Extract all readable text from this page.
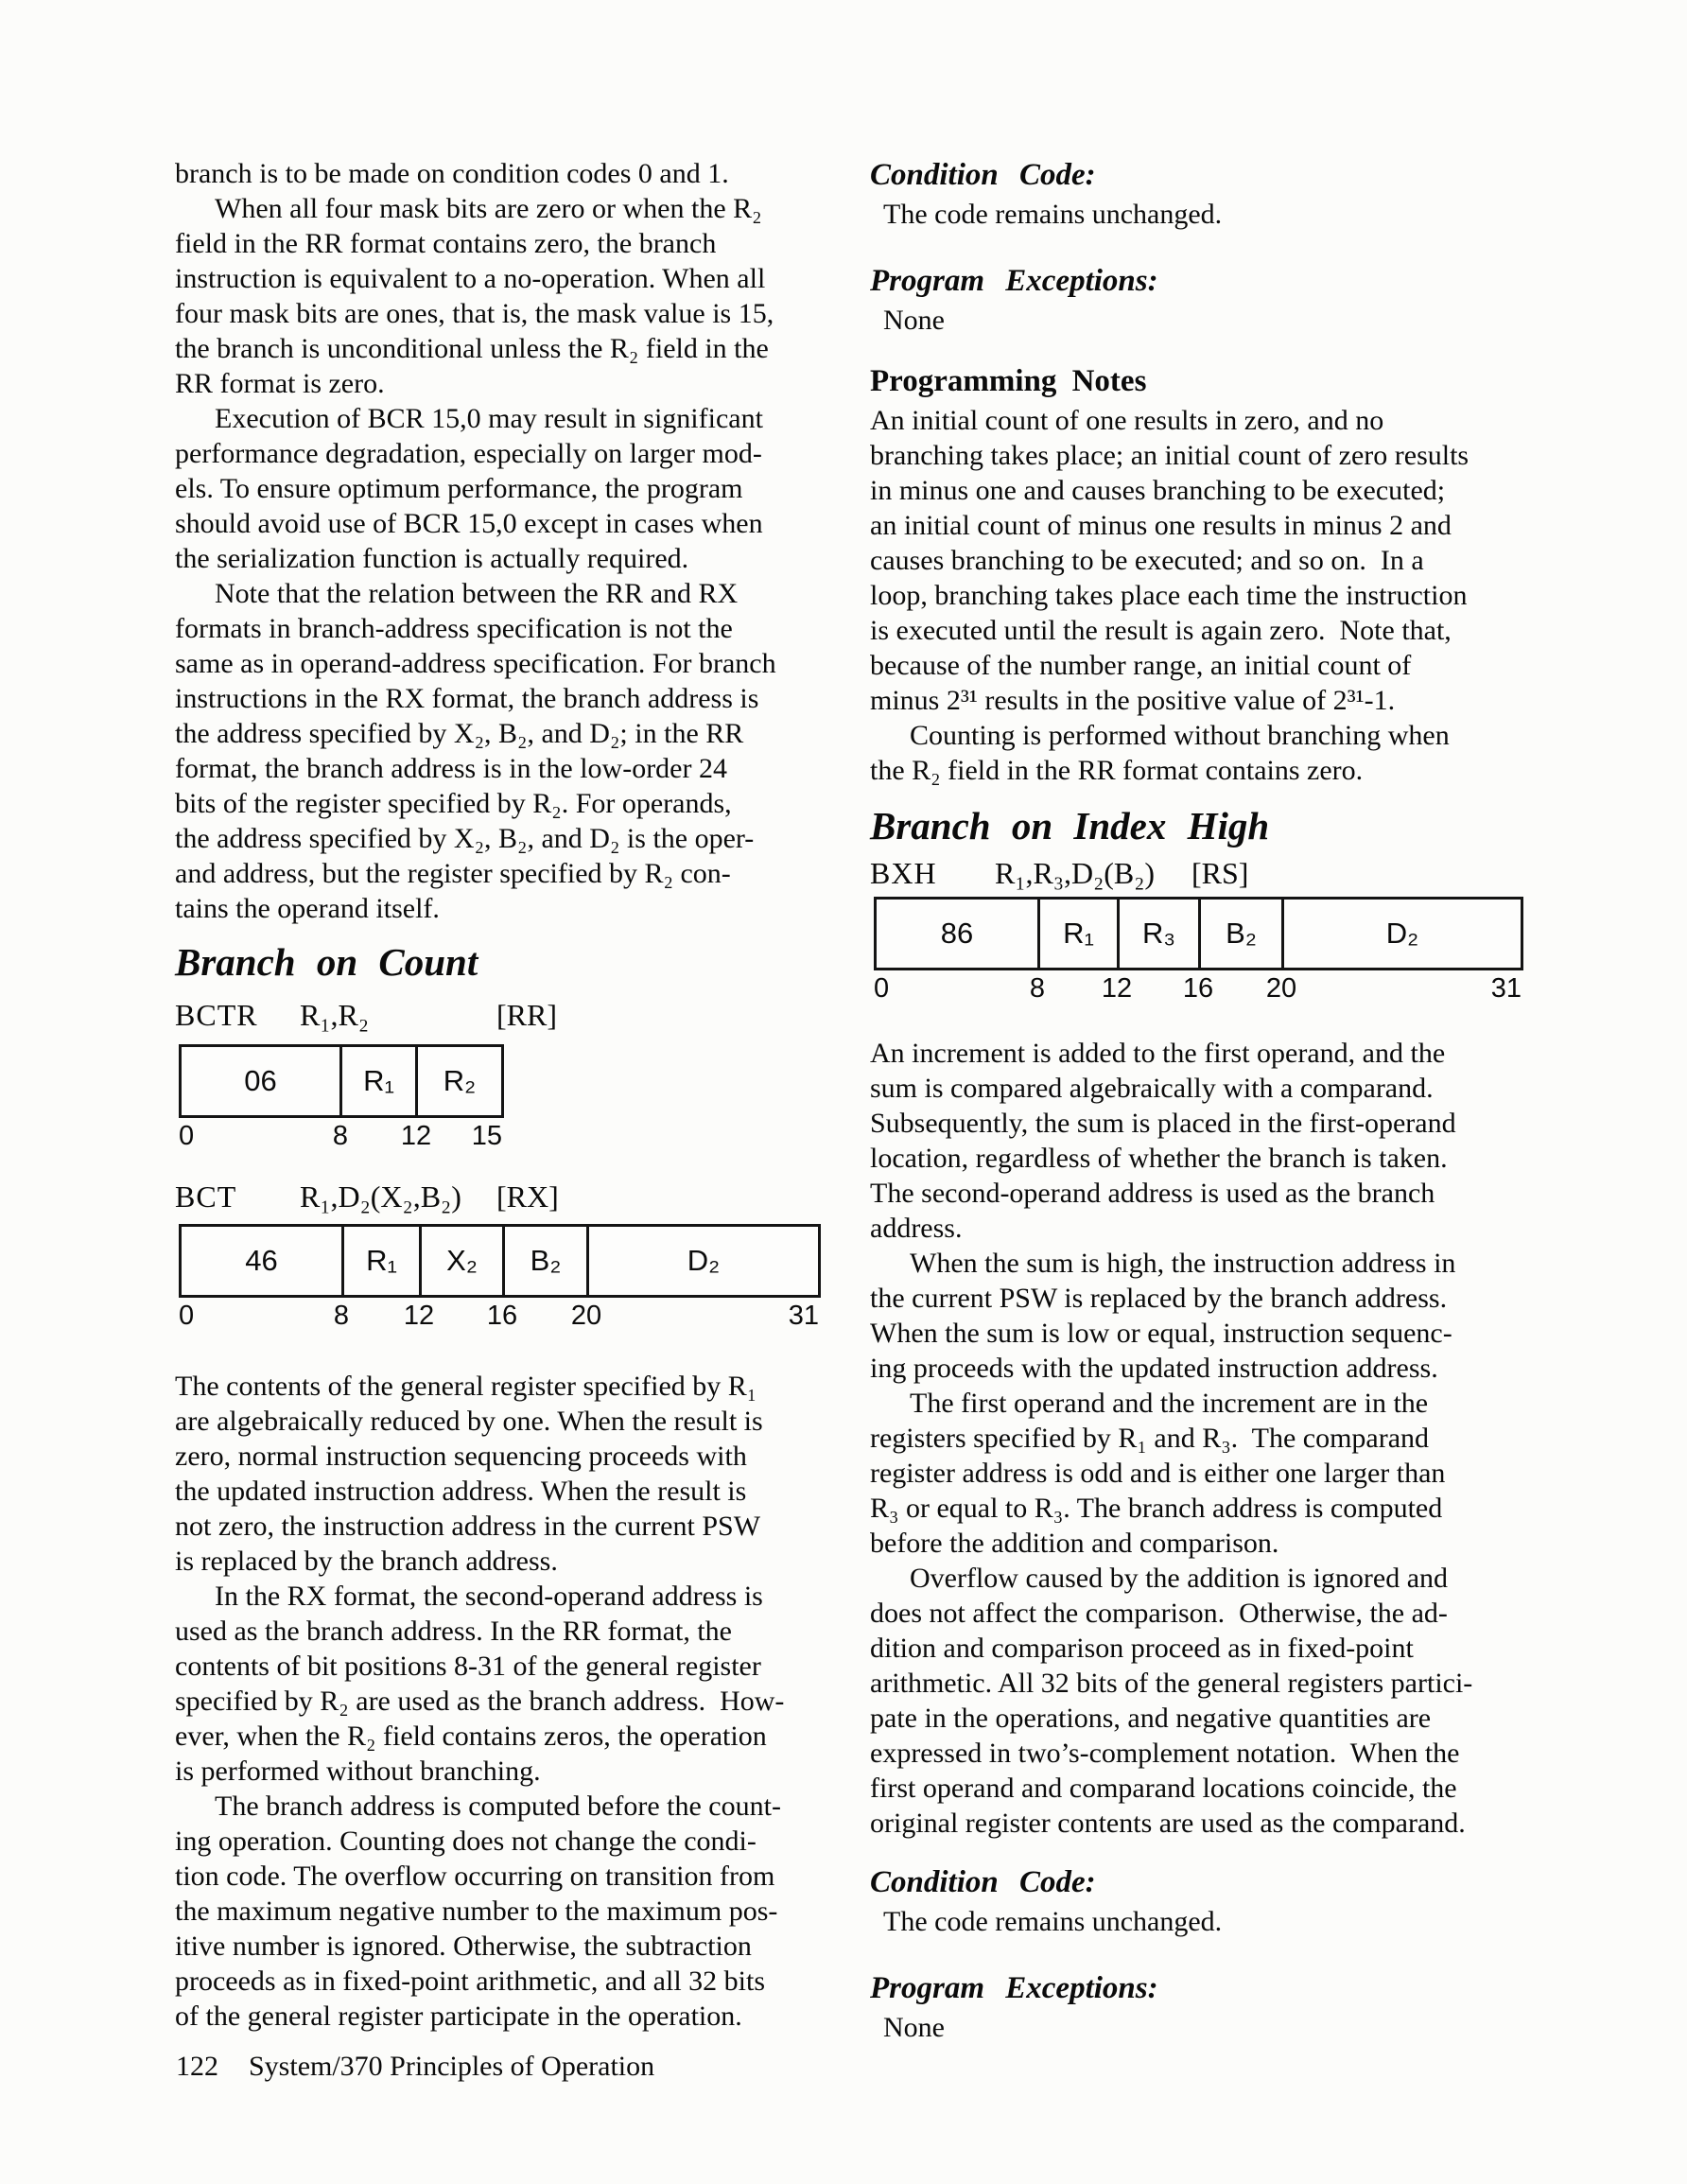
branch is to be made on condition codes 0 and 1.
When all four mask bits are zero or when the R₂
field in the RR format contains zero, the branch
instruction is equivalent to a no-operation. When all
four mask bits are ones, that is, the mask value is 15,
the branch is unconditional unless the R₂ field in the
RR format is zero.
Execution of BCR 15,0 may result in significant
performance degradation, especially on larger mod-
els. To ensure optimum performance, the program
should avoid use of BCR 15,0 except in cases when
the serialization function is actually required.
Note that the relation between the RR and RX
formats in branch-address specification is not the
same as in operand-address specification. For branch
instructions in the RX format, the branch address is
the address specified by X₂, B₂, and D₂; in the RR
format, the branch address is in the low-order 24
bits of the register specified by R₂. For operands,
the address specified by X₂, B₂, and D₂ is the oper-
and address, but the register specified by R₂ con-
tains the operand itself.
Branch on Count
BCTR R₁,R₂	[RR]
06	R₁	R₂
0	8 12 15
BCT R₁,D₂(X₂,B₂) [RX]
46	R₁	X₂	B₂	D₂
0	8 12 16 20	31
The contents of the general register specified by R₁
are algebraically reduced by one. When the result is
zero, normal instruction sequencing proceeds with
the updated instruction address. When the result is
not zero, the instruction address in the current PSW
is replaced by the branch address.
In the RX format, the second-operand address is
used as the branch address. In the RR format, the
contents of bit positions 8-31 of the general register
specified by R₂ are used as the branch address.  How-
ever, when the R₂ field contains zeros, the operation
is performed without branching.
The branch address is computed before the count-
ing operation. Counting does not change the condi-
tion code. The overflow occurring on transition from
the maximum negative number to the maximum pos-
itive number is ignored. Otherwise, the subtraction
proceeds as in fixed-point arithmetic, and all 32 bits
of the general register participate in the operation.
Condition Code:
The code remains unchanged.
Program Exceptions:
None
Programming Notes
An initial count of one results in zero, and no
branching takes place; an initial count of zero results
in minus one and causes branching to be executed;
an initial count of minus one results in minus 2 and
causes branching to be executed; and so on.  In a
loop, branching takes place each time the instruction
is executed until the result is again zero.  Note that,
because of the number range, an initial count of
minus 2³¹ results in the positive value of 2³¹-1.
Counting is performed without branching when
the R₂ field in the RR format contains zero.
Branch on Index High
BXH R₁,R₃,D₂(B₂) [RS]
86	R₁	R₃	B₂	D₂
0	8 12 16 20	31
An increment is added to the first operand, and the
sum is compared algebraically with a comparand.
Subsequently, the sum is placed in the first-operand
location, regardless of whether the branch is taken.
The second-operand address is used as the branch
address.
When the sum is high, the instruction address in
the current PSW is replaced by the branch address.
When the sum is low or equal, instruction sequenc-
ing proceeds with the updated instruction address.
The first operand and the increment are in the
registers specified by R₁ and R₃.  The comparand
register address is odd and is either one larger than
R₃ or equal to R₃. The branch address is computed
before the addition and comparison.
Overflow caused by the addition is ignored and
does not affect the comparison.  Otherwise, the ad-
dition and comparison proceed as in fixed-point
arithmetic. All 32 bits of the general registers partici-
pate in the operations, and negative quantities are
expressed in two’s-complement notation.  When the
first operand and comparand locations coincide, the
original register contents are used as the comparand.
Condition Code:
The code remains unchanged.
Program Exceptions:
None
122 System/370 Principles of Operation
